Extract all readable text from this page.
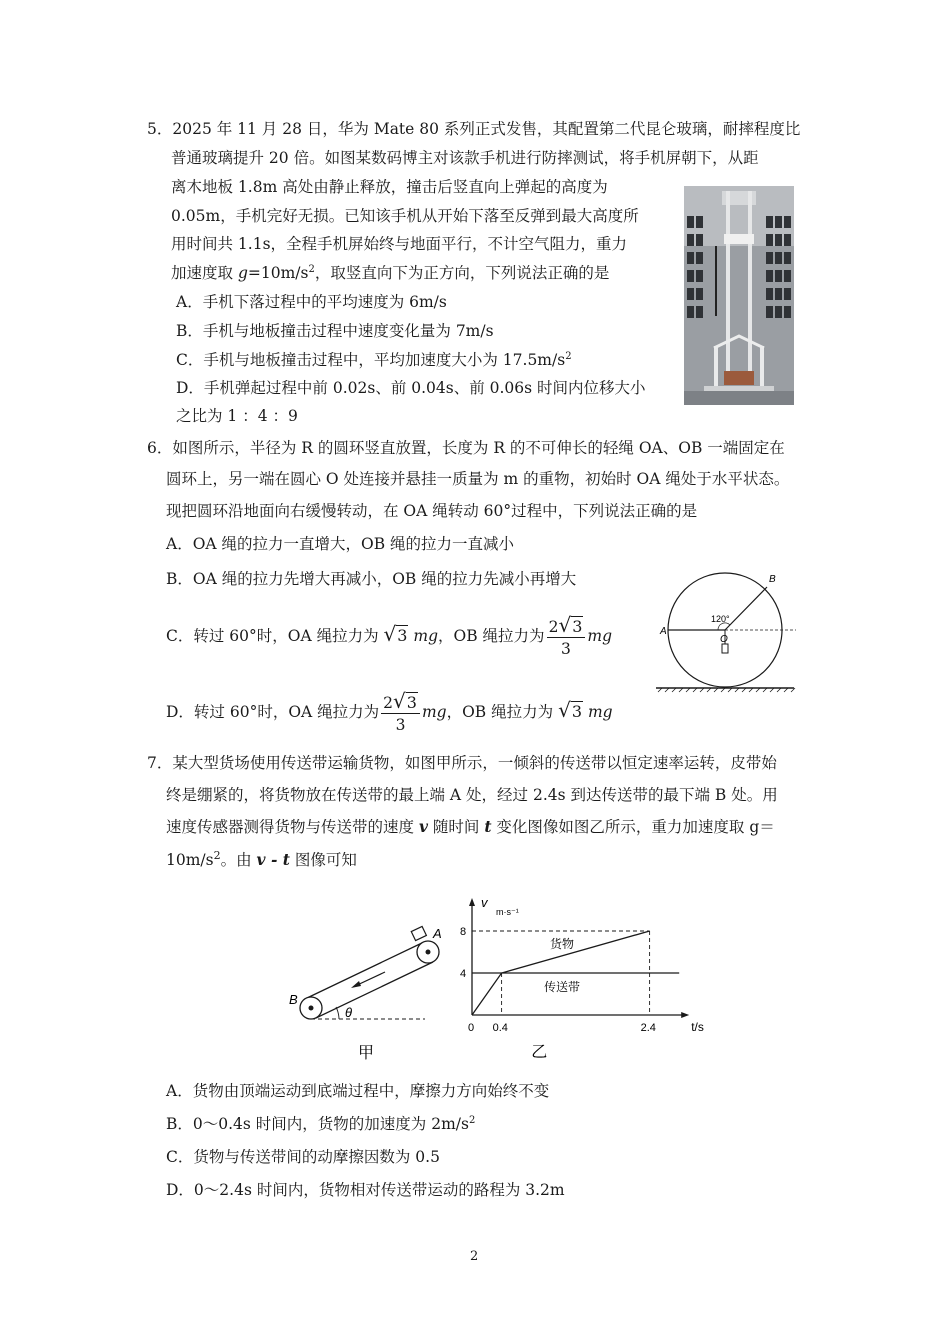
5．2025 年 11 月 28 日，华为 Mate 80 系列正式发售，其配置第二代昆仑玻璃，耐摔程度比
普通玻璃提升 20 倍。如图某数码博主对该款手机进行防摔测试，将手机屏朝下，从距
离木地板 1.8m 高处由静止释放，撞击后竖直向上弹起的高度为
0.05m，手机完好无损。已知该手机从开始下落至反弹到最大高度所
用时间共 1.1s，全程手机屏始终与地面平行，不计空气阻力，重力
加速度取 $g=10m/s^2$，取竖直向下为正方向，下列说法正确的是
A．手机下落过程中的平均速度为 6m/s
B．手机与地板撞击过程中速度变化量为 7m/s
C．手机与地板撞击过程中，平均加速度大小为 $17.5m/s^2$
D．手机弹起过程中前 0.02s、前 0.04s、前 0.06s 时间内位移大小
之比为 1 ：4 ：9
6．如图所示，半径为 R 的圆环竖直放置，长度为 R 的不可伸长的轻绳 OA、OB 一端固定在
圆环上，另一端在圆心 O 处连接并悬挂一质量为 m 的重物，初始时 OA 绳处于水平状态。
现把圆环沿地面向右缓慢转动，在 OA 绳转动 60°过程中，下列说法正确的是
A．OA 绳的拉力一直增大，OB 绳的拉力一直减小
B．OA 绳的拉力先增大再减小，OB 绳的拉力先减小再增大
C．转过 60°时，OA 绳拉力为 √3 mg，OB 绳拉力为 $\frac{2√3}{3}$ mg
D．转过 60°时，OA 绳拉力为 $\frac{2√3}{3}$ mg，OB 绳拉力为 √3 mg
B
A
O
120°
7．某大型货场使用传送带运输货物，如图甲所示，一倾斜的传送带以恒定速率运转，皮带始
终是绷紧的，将货物放在传送带的最上端 A 处，经过 2.4s 到达传送带的最下端 B 处。用
速度传感器测得货物与传送带的速度 v 随时间 t 变化图像如图乙所示，重力加速度取 g＝
$10m/s^2$。由 v - t 图像可知
θ
A
B
甲
4
8
0.4	2.4
v
m·s⁻¹
t/s
0
货物
传送带
乙
A．货物由顶端运动到底端过程中，摩擦力方向始终不变
B．0～0.4s 时间内，货物的加速度为 $2m/s^2$
C．货物与传送带间的动摩擦因数为 0.5
D．0～2.4s 时间内，货物相对传送带运动的路程为 3.2m
2
